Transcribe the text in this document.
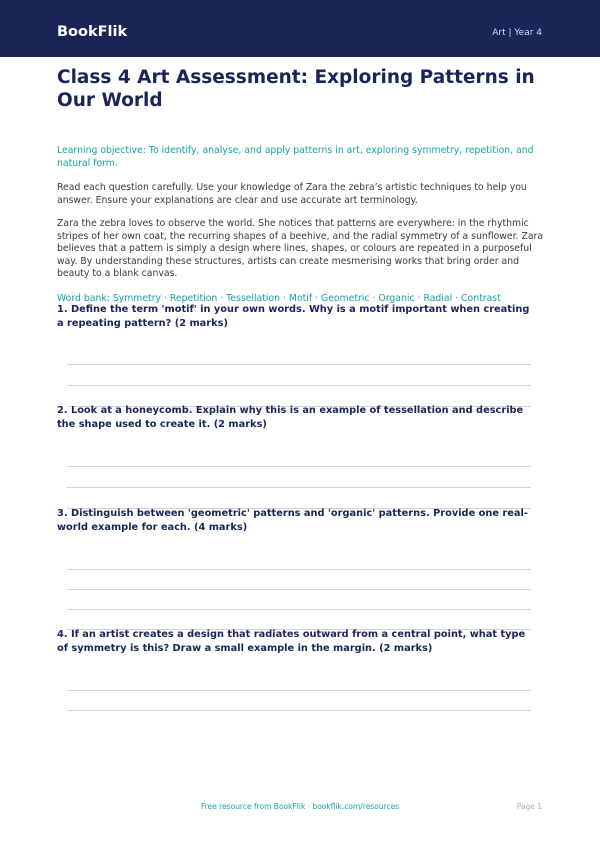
BookFlik	Art | Year 4
Class 4 Art Assessment: Exploring Patterns in Our World

Learning objective: To identify, analyse, and apply patterns in art, exploring symmetry, repetition, and natural form.

Read each question carefully. Use your knowledge of Zara the zebra’s artistic techniques to help you answer. Ensure your explanations are clear and use accurate art terminology.

Zara the zebra loves to observe the world. She notices that patterns are everywhere: in the rhythmic stripes of her own coat, the recurring shapes of a beehive, and the radial symmetry of a sunflower. Zara believes that a pattern is simply a design where lines, shapes, or colours are repeated in a purposeful way. By understanding these structures, artists can create mesmerising works that bring order and beauty to a blank canvas.

Word bank: Symmetry · Repetition · Tessellation · Motif · Geometric · Organic · Radial · Contrast

1. Define the term 'motif' in your own words. Why is a motif important when creating a repeating pattern? (2 marks)
2. Look at a honeycomb. Explain why this is an example of tessellation and describe the shape used to create it. (2 marks)
3. Distinguish between 'geometric' patterns and 'organic' patterns. Provide one real-world example for each. (4 marks)
4. If an artist creates a design that radiates outward from a central point, what type of symmetry is this? Draw a small example in the margin. (2 marks)
Free resource from BookFlik · bookflik.com/resources	Page 1
